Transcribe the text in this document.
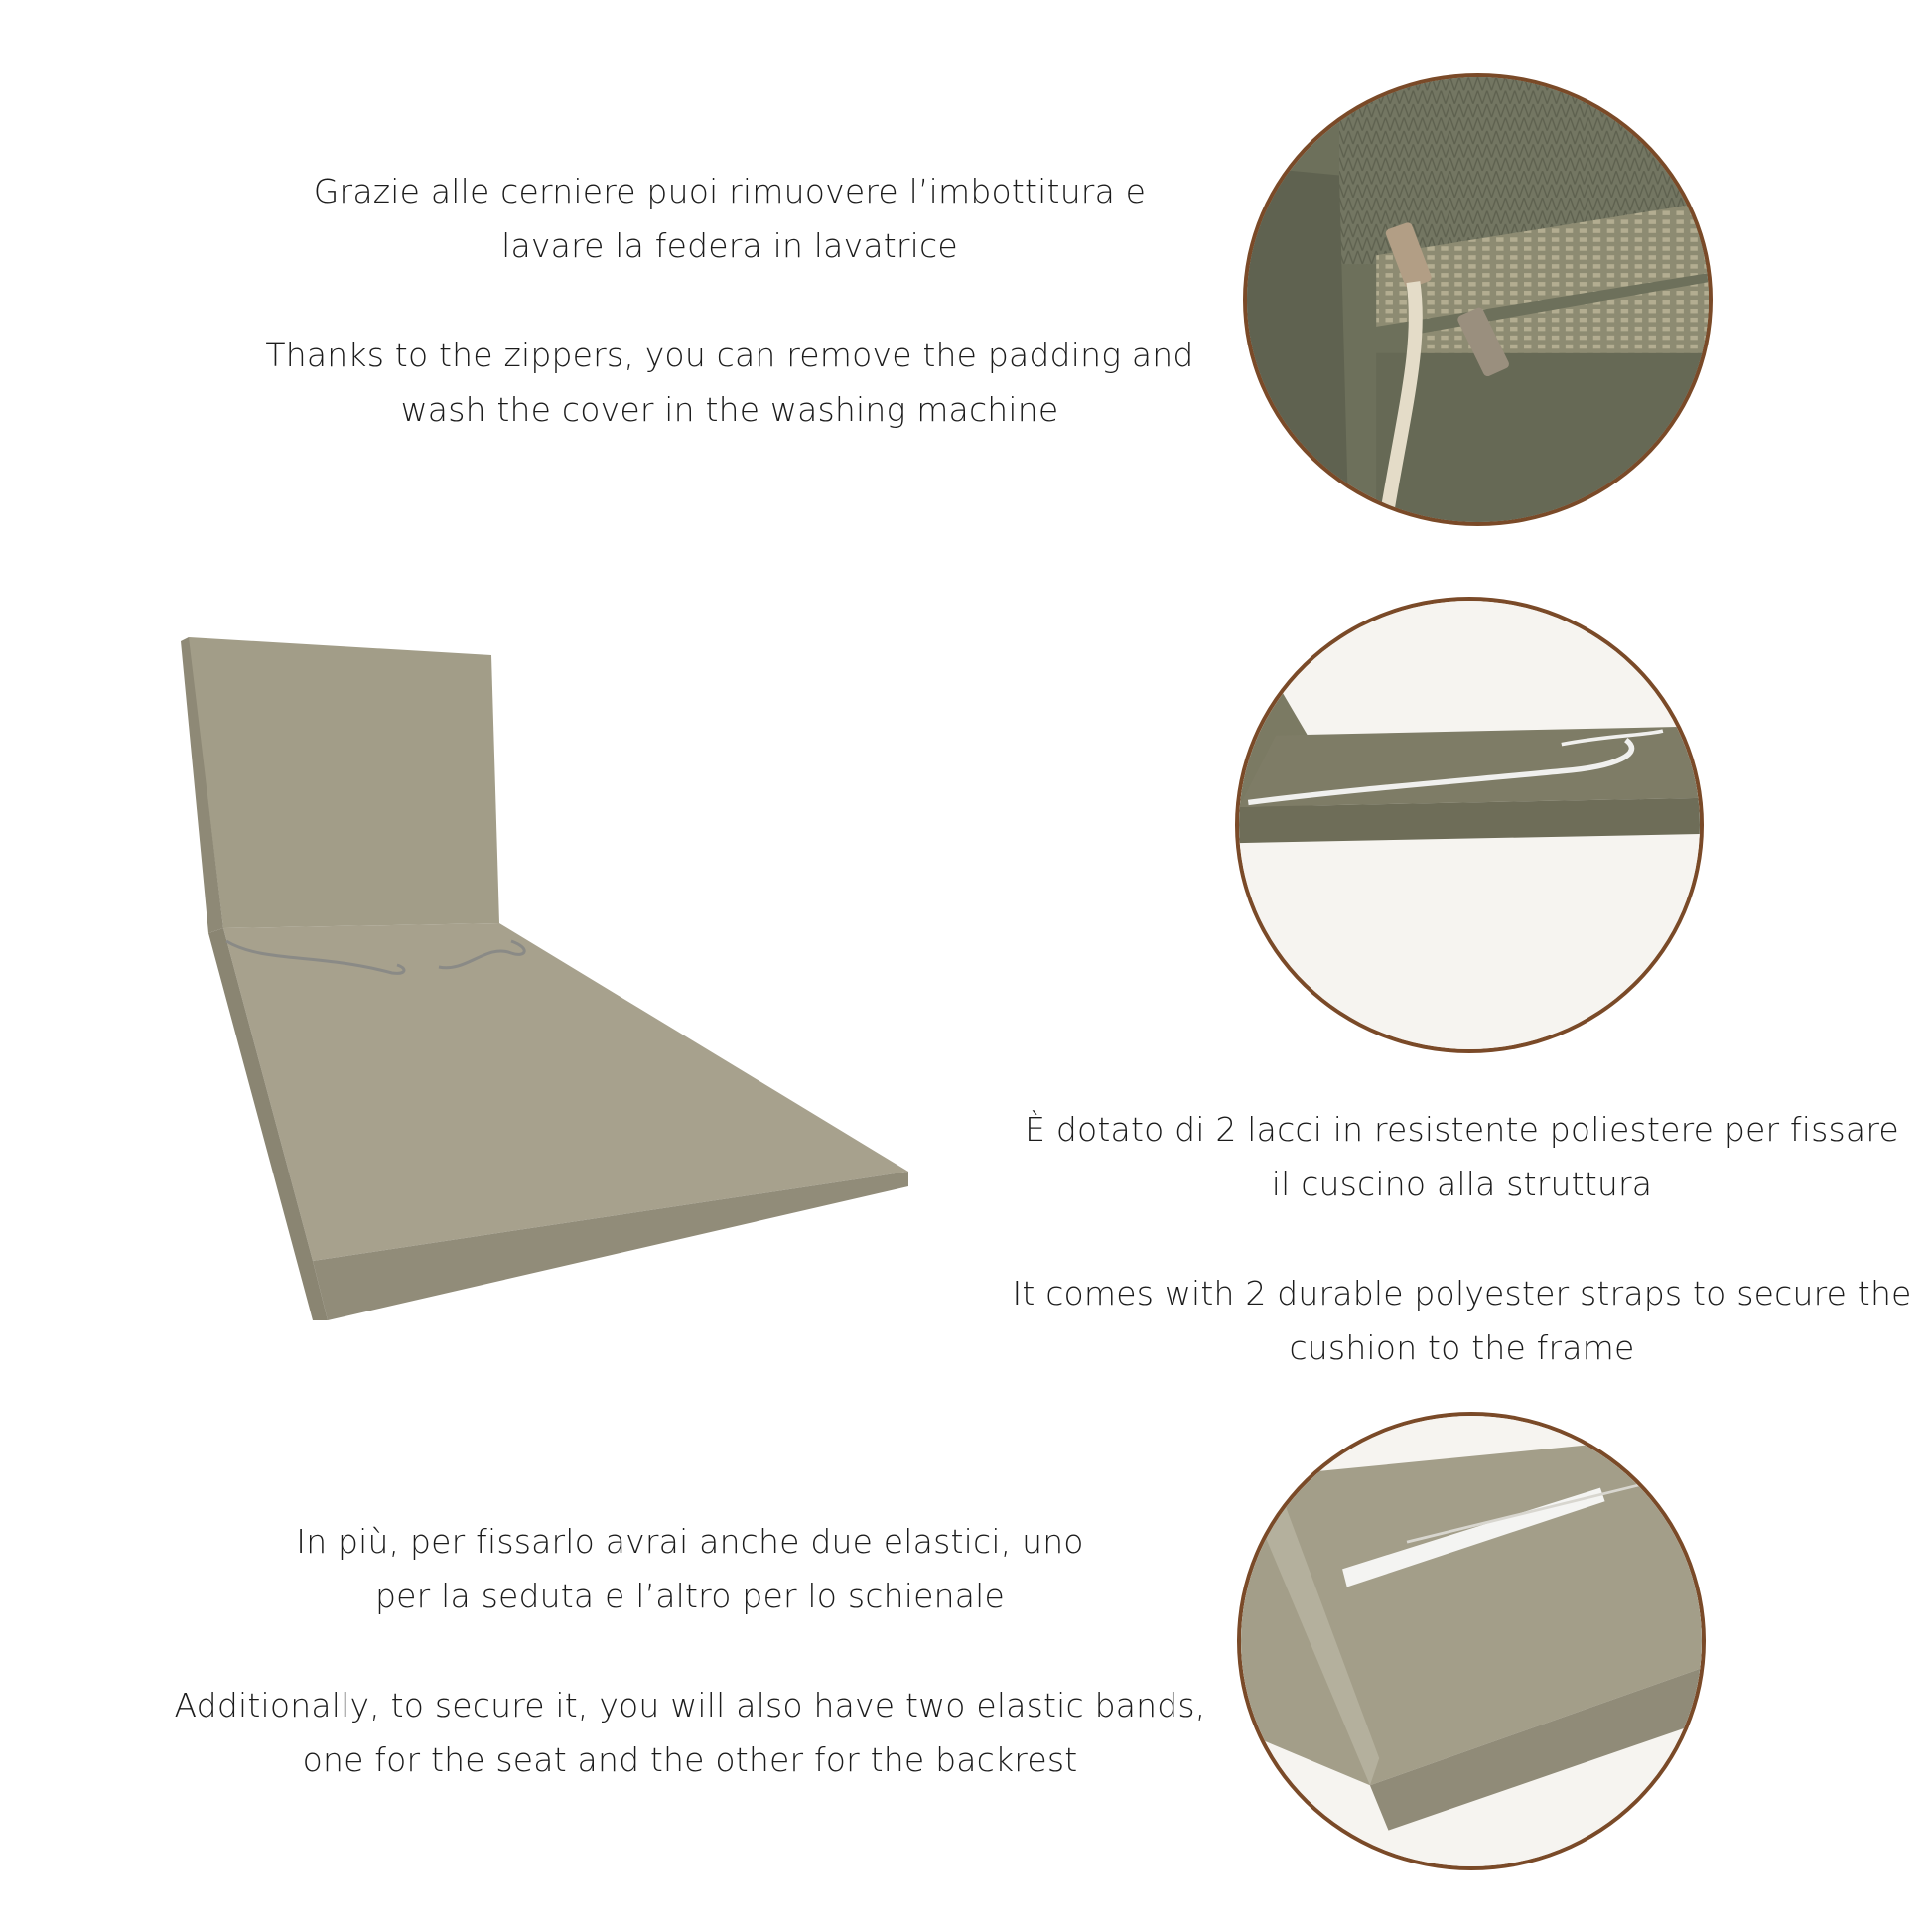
Grazie alle cerniere puoi rimuovere l’imbottitura e

lavare la federa in lavatrice

Thanks to the zippers, you can remove the padding and

wash the cover in the washing machine

È dotato di 2 lacci in resistente poliestere per fissare

il cuscino alla struttura

It comes with 2 durable polyester straps to secure the

cushion to the frame

In più, per fissarlo avrai anche due elastici, uno

per la seduta e l’altro per lo schienale

Additionally, to secure it, you will also have two elastic bands,

one for the seat and the other for the backrest
